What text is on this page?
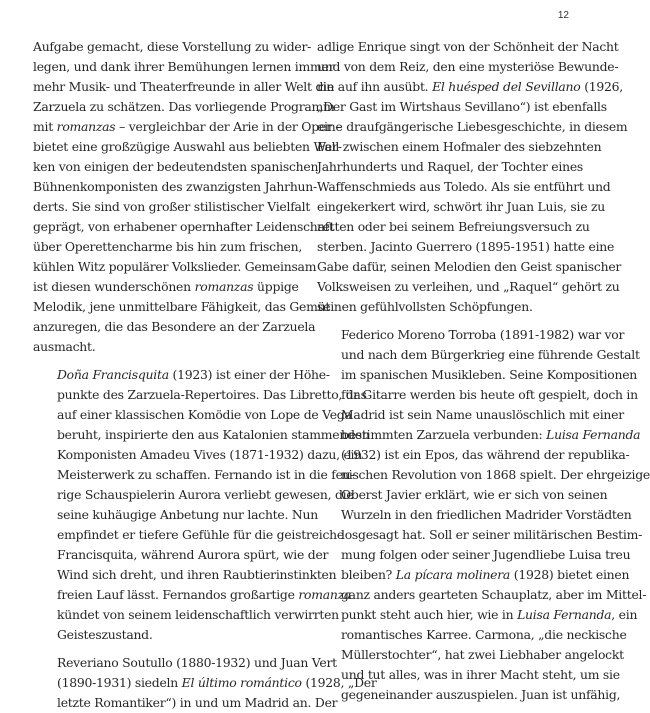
12

Aufgabe gemacht, diese Vorstellung zu wider-
legen, und dank ihrer Bemühungen lernen immer
mehr Musik- und Theaterfreunde in aller Welt die
Zarzuela zu schätzen. Das vorliegende Programm
mit romanzas – vergleichbar der Arie in der Oper –
bietet eine großzügige Auswahl aus beliebten Wer-
ken von einigen der bedeutendsten spanischen
Bühnenkomponisten des zwanzigsten Jahrhun-
derts. Sie sind von großer stilistischer Vielfalt
geprägt, von erhabener opernhafter Leidenschaft
über Operettencharme bis hin zum frischen,
kühlen Witz populärer Volkslieder. Gemeinsam
ist diesen wunderschönen romanzas üppige
Melodik, jene unmittelbare Fähigkeit, das Gemüt
anzuregen, die das Besondere an der Zarzuela
ausmacht.

Doña Francisquita (1923) ist einer der Höhe-
punkte des Zarzuela-Repertoires. Das Libretto, das
auf einer klassischen Komödie von Lope de Vega
beruht, inspirierte den aus Katalonien stammenden
Komponisten Amadeu Vives (1871-1932) dazu, ein
Meisterwerk zu schaffen. Fernando ist in die feu-
rige Schauspielerin Aurora verliebt gewesen, die
seine kuhäugige Anbetung nur lachte. Nun
empfindet er tiefere Gefühle für die geistreiche
Francisquita, während Aurora spürt, wie der
Wind sich dreht, und ihren Raubtierinstinkten
freien Lauf lässt. Fernandos großartige romanza
kündet von seinem leidenschaftlich verwirrten
Geisteszustand.

Reveriano Soutullo (1880-1932) und Juan Vert
(1890-1931) siedeln El último romántico (1928, „Der
letzte Romantiker“) in und um Madrid an. Der

adlige Enrique singt von der Schönheit der Nacht
und von dem Reiz, den eine mysteriöse Bewunde-
rin auf ihn ausübt. El huésped del Sevillano (1926,
„Der Gast im Wirtshaus Sevillano“) ist ebenfalls
eine draufgängerische Liebesgeschichte, in diesem
Fall zwischen einem Hofmaler des siebzehnten
Jahrhunderts und Raquel, der Tochter eines
Waffenschmieds aus Toledo. Als sie entführt und
eingekerkert wird, schwört ihr Juan Luis, sie zu
retten oder bei seinem Befreiungsversuch zu
sterben. Jacinto Guerrero (1895-1951) hatte eine
Gabe dafür, seinen Melodien den Geist spanischer
Volksweisen zu verleihen, und „Raquel“ gehört zu
seinen gefühlvollsten Schöpfungen.

Federico Moreno Torroba (1891-1982) war vor
und nach dem Bürgerkrieg eine führende Gestalt
im spanischen Musikleben. Seine Kompositionen
für Gitarre werden bis heute oft gespielt, doch in
Madrid ist sein Name unauslöschlich mit einer
bestimmten Zarzuela verbunden: Luisa Fernanda
(1932) ist ein Epos, das während der republika-
nischen Revolution von 1868 spielt. Der ehrgeizige
Oberst Javier erklärt, wie er sich von seinen
Wurzeln in den friedlichen Madrider Vorstädten
losgesagt hat. Soll er seiner militärischen Bestim-
mung folgen oder seiner Jugendliebe Luisa treu
bleiben? La pícara molinera (1928) bietet einen
ganz anders gearteten Schauplatz, aber im Mittel-
punkt steht auch hier, wie in Luisa Fernanda, ein
romantisches Karree. Carmona, „die neckische
Müllerstochter“, hat zwei Liebhaber angelockt
und tut alles, was in ihrer Macht steht, um sie
gegeneinander auszuspielen. Juan ist unfähig,
